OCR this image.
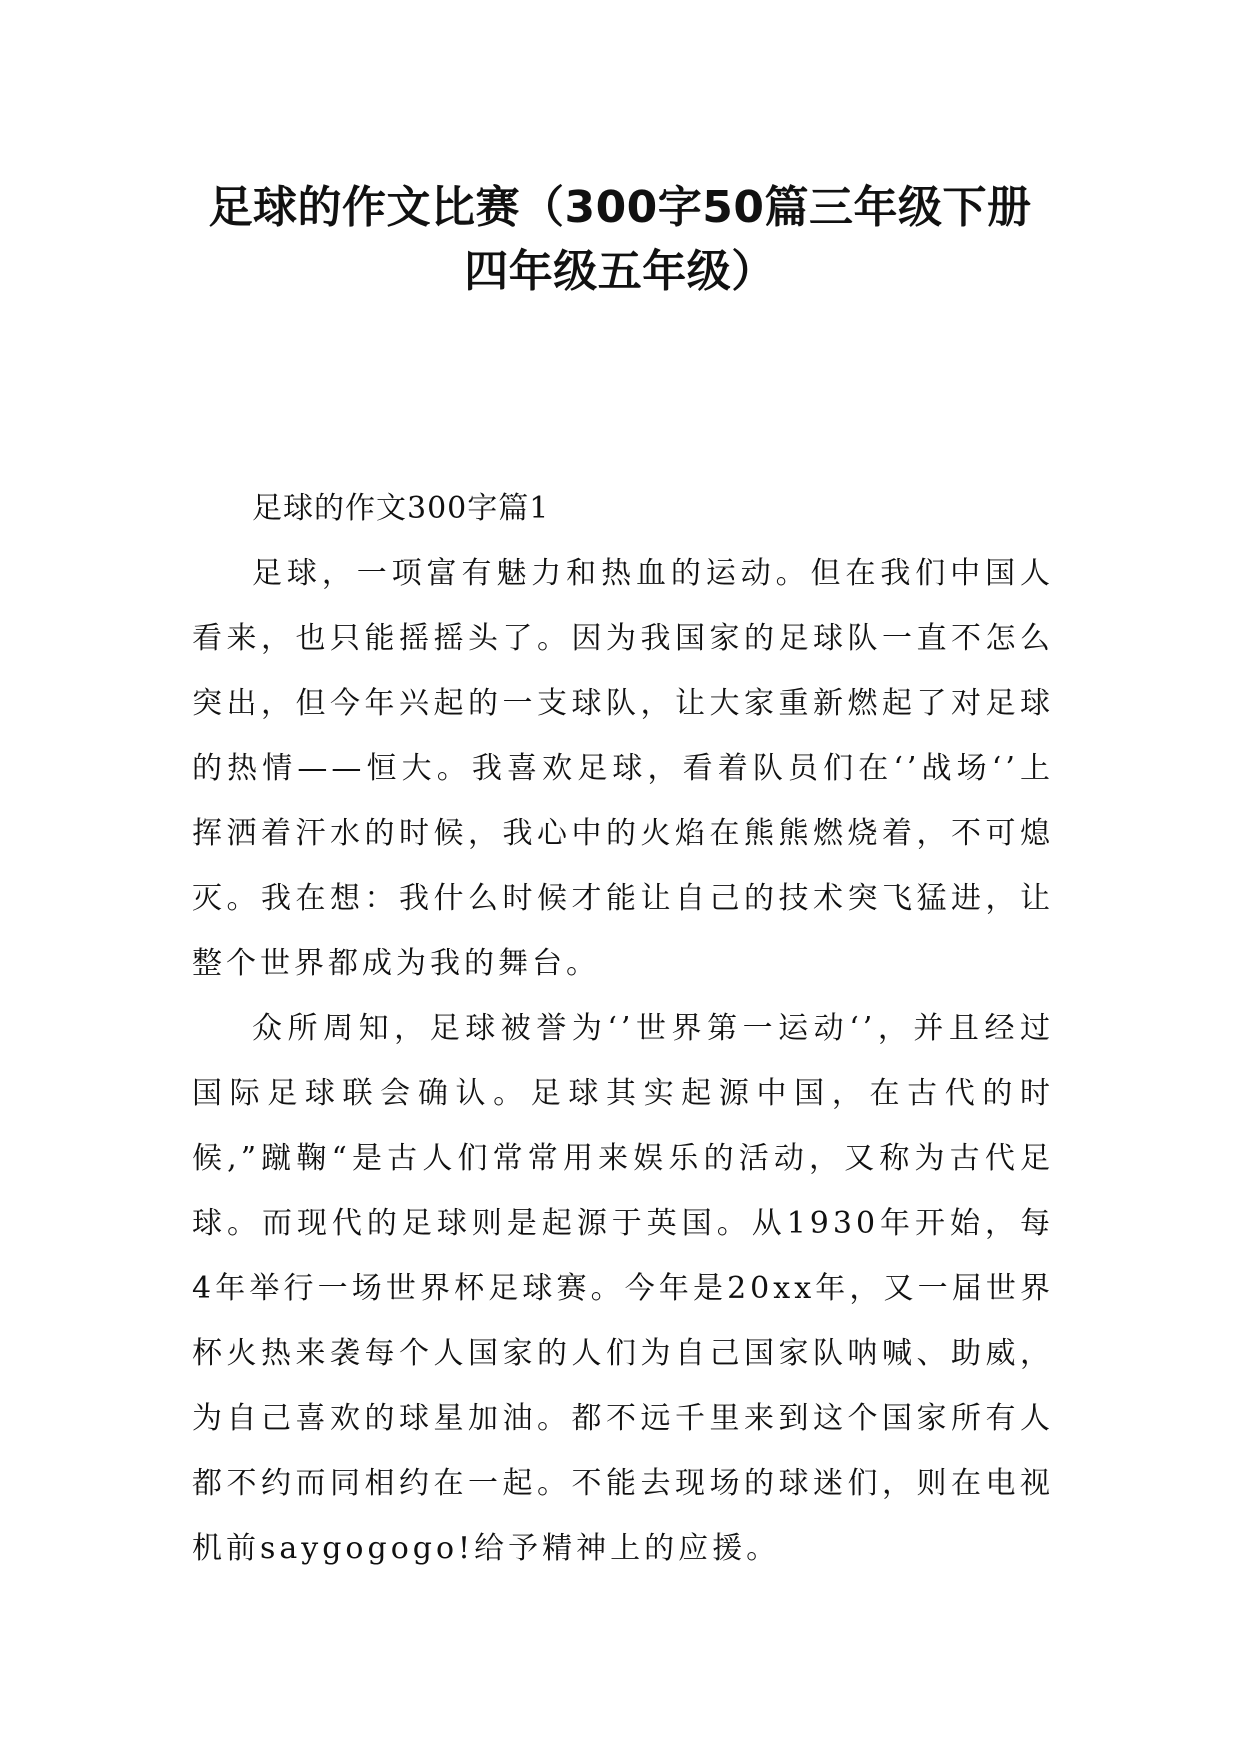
足球的作文比赛（300字50篇三年级下册
四年级五年级）

足球的作文300字篇1

足球，一项富有魅力和热血的运动。但在我们中国人看来，也只能摇摇头了。因为我国家的足球队一直不怎么突出，但今年兴起的一支球队，让大家重新燃起了对足球的热情——恒大。我喜欢足球，看着队员们在‘’战场‘’上挥洒着汗水的时候，我心中的火焰在熊熊燃烧着，不可熄灭。我在想：我什么时候才能让自己的技术突飞猛进，让整个世界都成为我的舞台。

众所周知，足球被誉为‘’世界第一运动‘’，并且经过国际足球联会确认。足球其实起源中国，在古代的时候,”蹴鞠“是古人们常常用来娱乐的活动，又称为古代足球。而现代的足球则是起源于英国。从1930年开始，每4年举行一场世界杯足球赛。今年是20xx年，又一届世界杯火热来袭每个人国家的人们为自己国家队呐喊、助威，为自己喜欢的球星加油。都不远千里来到这个国家所有人都不约而同相约在一起。不能去现场的球迷们，则在电视机前saygogogo!给予精神上的应援。
